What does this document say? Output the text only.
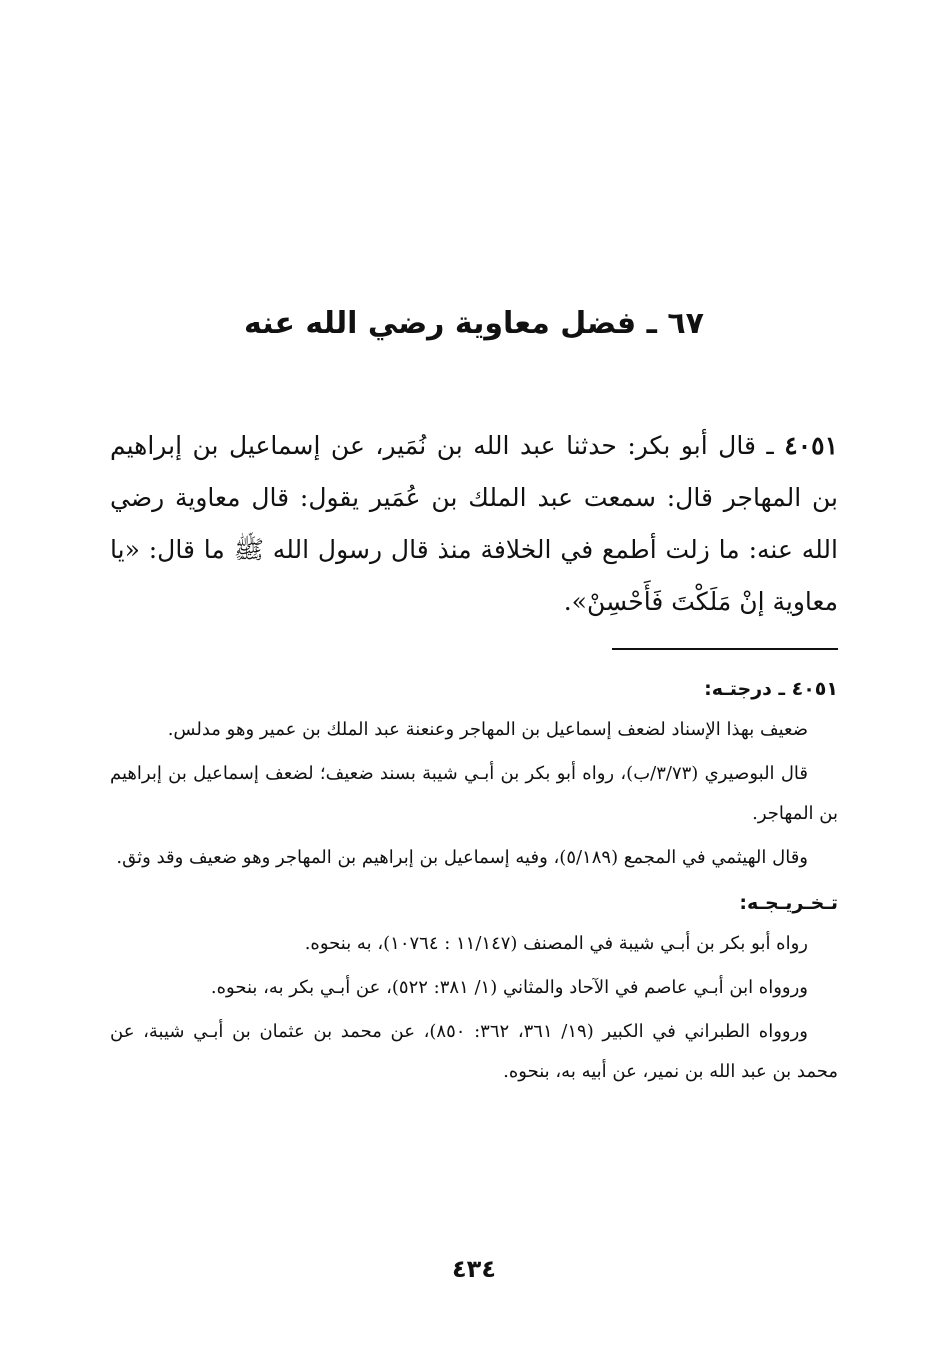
٦٧ ـ فضل معاوية رضي الله عنه

٤٠٥١ ـ قال أبو بكر: حدثنا عبد الله بن نُمَير، عن إسماعيل بن إبراهيم بن المهاجر قال: سمعت عبد الملك بن عُمَير يقول: قال معاوية رضي الله عنه: ما زلت أطمع في الخلافة منذ قال رسول الله ﷺ ما قال: «يا معاوية إنْ مَلَكْتَ فَأَحْسِنْ».

٤٠٥١ ـ درجتـه:

ضعيف بهذا الإسناد لضعف إسماعيل بن المهاجر وعنعنة عبد الملك بن عمير وهو مدلس.

قال البوصيري (٣/٧٣/ب)، رواه أبو بكر بن أبـي شيبة بسند ضعيف؛ لضعف إسماعيل بن إبراهيم بن المهاجر.

وقال الهيثمي في المجمع (٥/١٨٩)، وفيه إسماعيل بن إبراهيم بن المهاجر وهو ضعيف وقد وثق.

تـخـريـجـه:

رواه أبو بكر بن أبـي شيبة في المصنف (١١/١٤٧ : ١٠٧٦٤)، به بنحوه.

وروواه ابن أبـي عاصم في الآحاد والمثاني (١/ ٣٨١: ٥٢٢)، عن أبـي بكر به، بنحوه.

وروواه الطبراني في الكبير (١٩/ ٣٦١، ٣٦٢: ٨٥٠)، عن محمد بن عثمان بن أبـي شيبة، عن محمد بن عبد الله بن نمير، عن أبيه به، بنحوه.

٤٣٤
